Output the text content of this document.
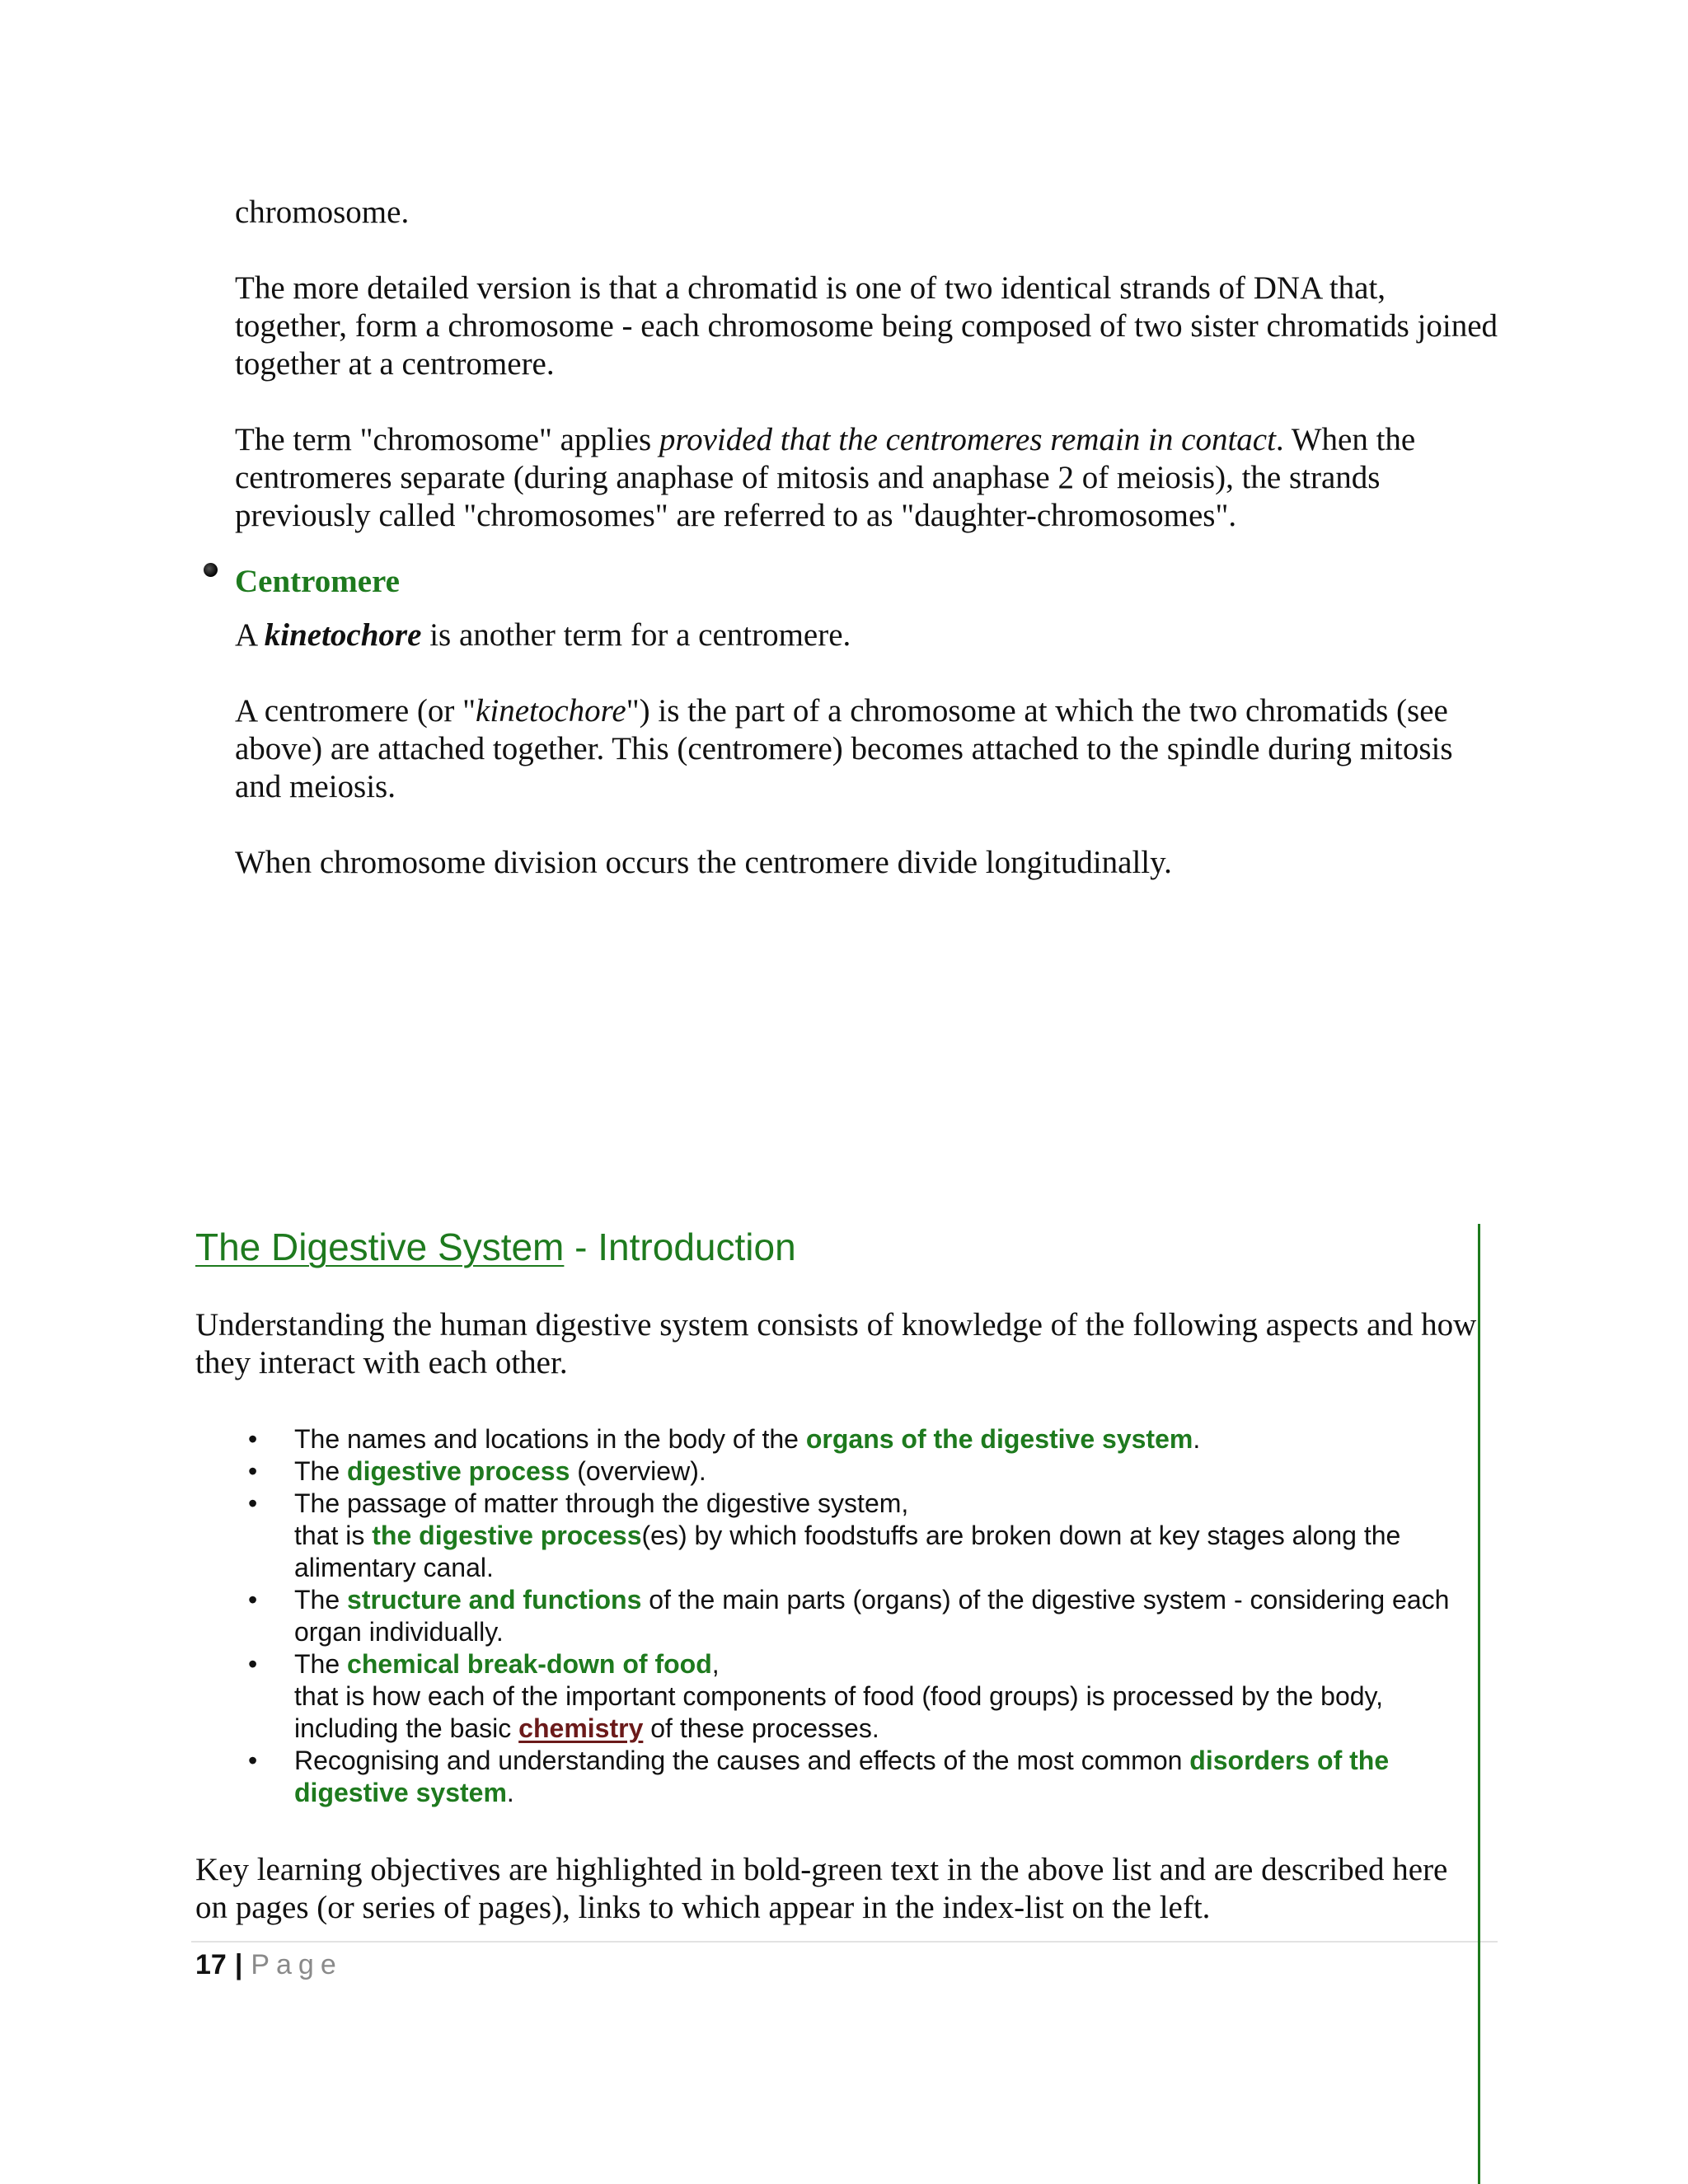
chromosome.

The more detailed version is that a chromatid is one of two identical strands of DNA that, together, form a chromosome - each chromosome being composed of two sister chromatids joined together at a centromere.

The term "chromosome" applies provided that the centromeres remain in contact. When the centromeres separate (during anaphase of mitosis and anaphase 2 of meiosis), the strands previously called "chromosomes" are referred to as "daughter-chromosomes".

Centromere

A kinetochore is another term for a centromere.

A centromere (or "kinetochore") is the part of a chromosome at which the two chromatids (see above) are attached together. This (centromere) becomes attached to the spindle during mitosis and meiosis.

When chromosome division occurs the centromere divide longitudinally.

The Digestive System - Introduction

Understanding the human digestive system consists of knowledge of the following aspects and how they interact with each other.

• The names and locations in the body of the organs of the digestive system.
• The digestive process (overview).
• The passage of matter through the digestive system,
that is the digestive process(es) by which foodstuffs are broken down at key stages along the alimentary canal.
• The structure and functions of the main parts (organs) of the digestive system - considering each organ individually.
• The chemical break-down of food,
that is how each of the important components of food (food groups) is processed by the body, including the basic chemistry of these processes.
• Recognising and understanding the causes and effects of the most common disorders of the digestive system.

Key learning objectives are highlighted in bold-green text in the above list and are described here on pages (or series of pages), links to which appear in the index-list on the left.

17 | Page
